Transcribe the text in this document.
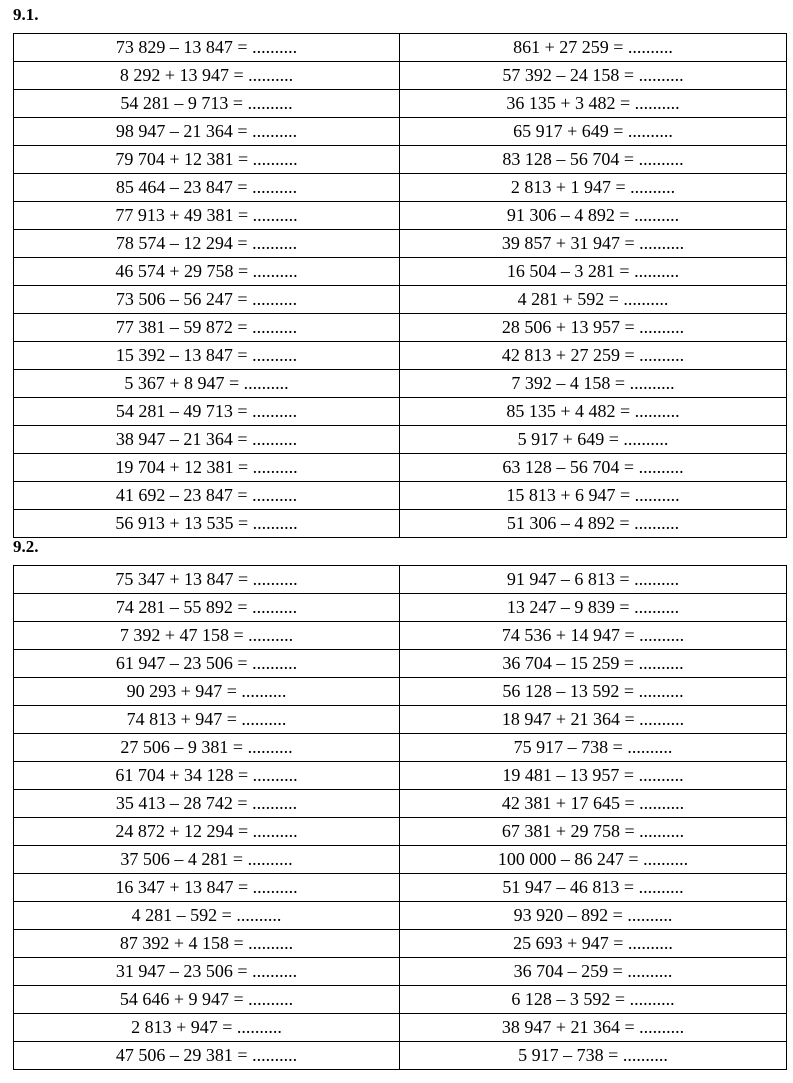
9.1.
73 829 – 13 847 = ..........	861 + 27 259 = ..........
8 292 + 13 947 = ..........	57 392 – 24 158 = ..........
54 281 – 9 713 = ..........	36 135 + 3 482 = ..........
98 947 – 21 364 = ..........	65 917 + 649 = ..........
79 704 + 12 381 = ..........	83 128 – 56 704 = ..........
85 464 – 23 847 = ..........	2 813 + 1 947 = ..........
77 913 + 49 381 = ..........	91 306 – 4 892 = ..........
78 574 – 12 294 = ..........	39 857 + 31 947 = ..........
46 574 + 29 758 = ..........	16 504 – 3 281 = ..........
73 506 – 56 247 = ..........	4 281 + 592 = ..........
77 381 – 59 872 = ..........	28 506 + 13 957 = ..........
15 392 – 13 847 = ..........	42 813 + 27 259 = ..........
5 367 + 8 947 = ..........	7 392 – 4 158 = ..........
54 281 – 49 713 = ..........	85 135 + 4 482 = ..........
38 947 – 21 364 = ..........	5 917 + 649 = ..........
19 704 + 12 381 = ..........	63 128 – 56 704 = ..........
41 692 – 23 847 = ..........	15 813 + 6 947 = ..........
56 913 + 13 535 = ..........	51 306 – 4 892 = ..........
9.2.
75 347 + 13 847 = ..........	91 947 – 6 813 = ..........
74 281 – 55 892 = ..........	13 247 – 9 839 = ..........
7 392 + 47 158 = ..........	74 536 + 14 947 = ..........
61 947 – 23 506 = ..........	36 704 – 15 259 = ..........
90 293 + 947 = ..........	56 128 – 13 592 = ..........
74 813 + 947 = ..........	18 947 + 21 364 = ..........
27 506 – 9 381 = ..........	75 917 – 738 = ..........
61 704 + 34 128 = ..........	19 481 – 13 957 = ..........
35 413 – 28 742 = ..........	42 381 + 17 645 = ..........
24 872 + 12 294 = ..........	67 381 + 29 758 = ..........
37 506 – 4 281 = ..........	100 000 – 86 247 = ..........
16 347 + 13 847 = ..........	51 947 – 46 813 = ..........
4 281 – 592 = ..........	93 920 – 892 = ..........
87 392 + 4 158 = ..........	25 693 + 947 = ..........
31 947 – 23 506 = ..........	36 704 – 259 = ..........
54 646 + 9 947 = ..........	6 128 – 3 592 = ..........
2 813 + 947 = ..........	38 947 + 21 364 = ..........
47 506 – 29 381 = ..........	5 917 – 738 = ..........
